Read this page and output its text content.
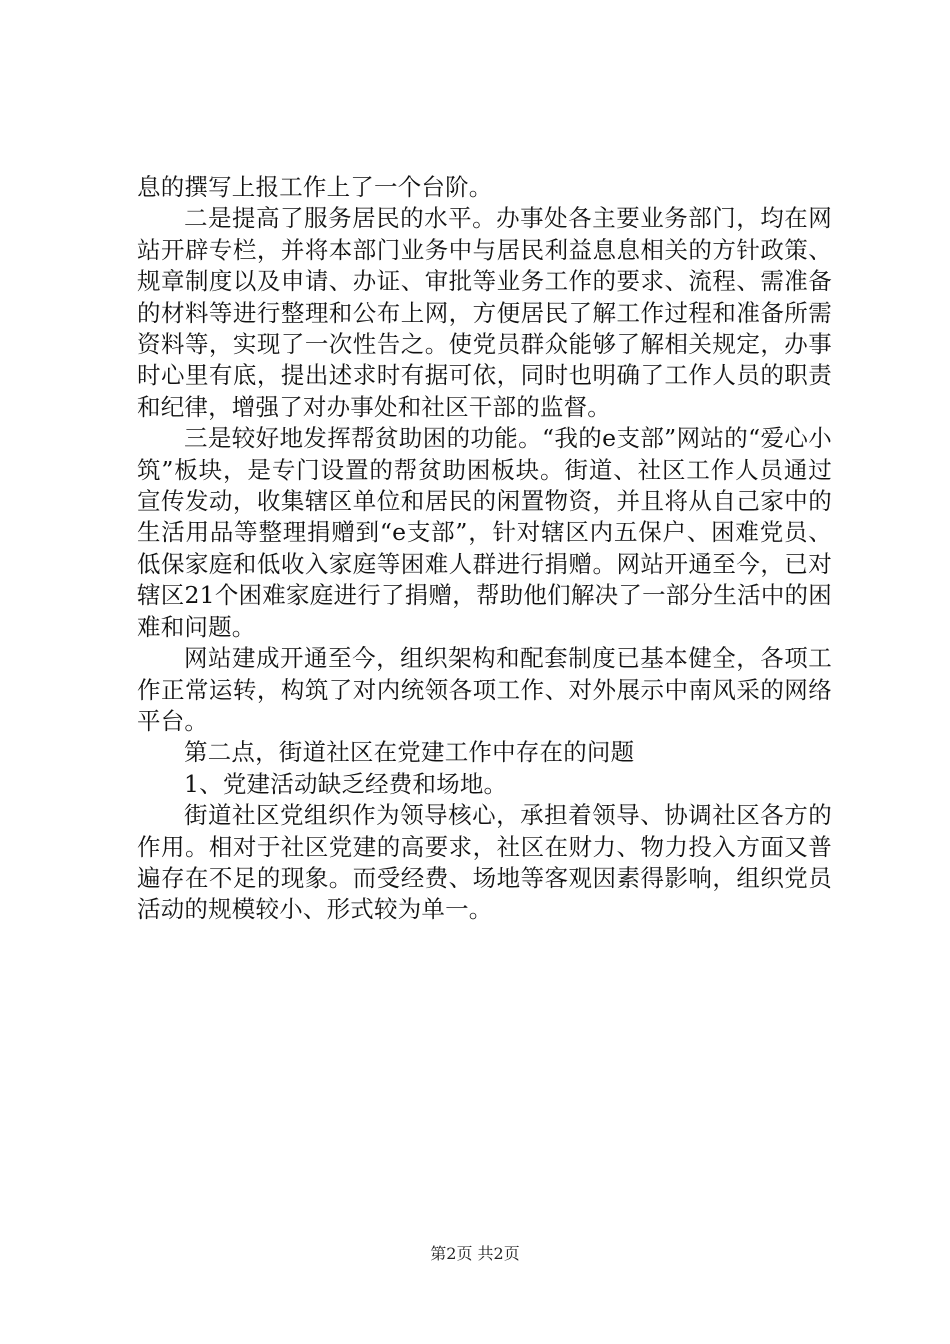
息的撰写上报工作上了一个台阶。

二是提高了服务居民的水平。办事处各主要业务部门，均在网站开辟专栏，并将本部门业务中与居民利益息息相关的方针政策、规章制度以及申请、办证、审批等业务工作的要求、流程、需准备的材料等进行整理和公布上网，方便居民了解工作过程和准备所需资料等，实现了一次性告之。使党员群众能够了解相关规定，办事时心里有底，提出述求时有据可依，同时也明确了工作人员的职责和纪律，增强了对办事处和社区干部的监督。

三是较好地发挥帮贫助困的功能。“我的e支部”网站的“爱心小筑”板块，是专门设置的帮贫助困板块。街道、社区工作人员通过宣传发动，收集辖区单位和居民的闲置物资，并且将从自己家中的生活用品等整理捐赠到“e支部”，针对辖区内五保户、困难党员、低保家庭和低收入家庭等困难人群进行捐赠。网站开通至今，已对辖区21个困难家庭进行了捐赠，帮助他们解决了一部分生活中的困难和问题。

网站建成开通至今，组织架构和配套制度已基本健全，各项工作正常运转，构筑了对内统领各项工作、对外展示中南风采的网络平台。

第二点，街道社区在党建工作中存在的问题

1、党建活动缺乏经费和场地。

街道社区党组织作为领导核心，承担着领导、协调社区各方的作用。相对于社区党建的高要求，社区在财力、物力投入方面又普遍存在不足的现象。而受经费、场地等客观因素得影响，组织党员活动的规模较小、形式较为单一。

第2页 共2页
